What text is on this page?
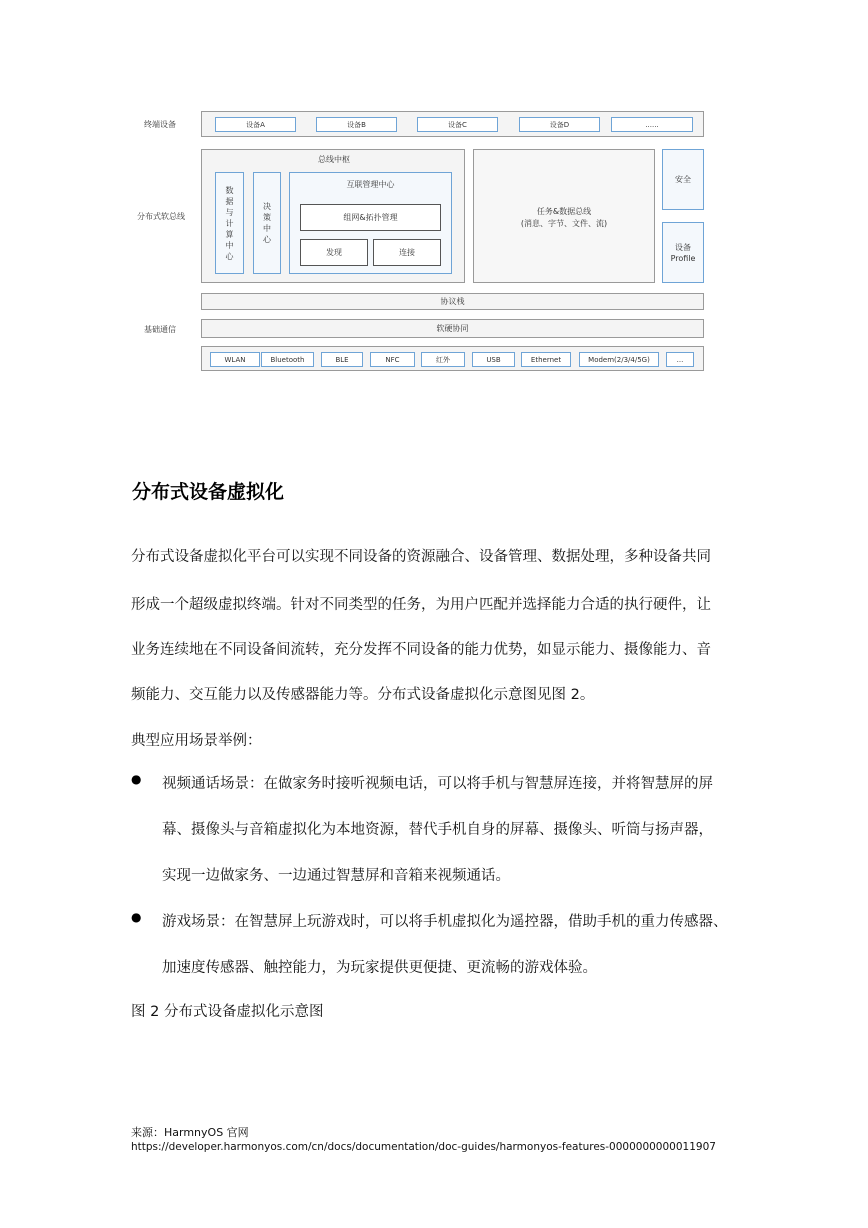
终端设备
分布式软总线
基础通信
设备A	设备B	设备C	设备D	......
总线中枢
数
据
与
计
算
中
心
决
策
中
心
互联管理中心
组网&拓扑管理
发现	连接
任务&数据总线
(消息、字节、文件、流)
安全
设备
Profile
协议栈
软硬协同
WLAN	Bluetooth	BLE	NFC	红外	USB	Ethernet	Modem(2/3/4/5G)	...
分布式设备虚拟化
分布式设备虚拟化平台可以实现不同设备的资源融合、设备管理、数据处理，多种设备共同
形成一个超级虚拟终端。针对不同类型的任务，为用户匹配并选择能力合适的执行硬件，让
业务连续地在不同设备间流转，充分发挥不同设备的能力优势，如显示能力、摄像能力、音
频能力、交互能力以及传感器能力等。分布式设备虚拟化示意图见图 2。
典型应用场景举例：
● 视频通话场景：在做家务时接听视频电话，可以将手机与智慧屏连接，并将智慧屏的屏
幕、摄像头与音箱虚拟化为本地资源，替代手机自身的屏幕、摄像头、听筒与扬声器，
实现一边做家务、一边通过智慧屏和音箱来视频通话。
● 游戏场景：在智慧屏上玩游戏时，可以将手机虚拟化为遥控器，借助手机的重力传感器、
加速度传感器、触控能力，为玩家提供更便捷、更流畅的游戏体验。
图 2 分布式设备虚拟化示意图
来源：HarmnyOS 官网
https://developer.harmonyos.com/cn/docs/documentation/doc-guides/harmonyos-features-0000000000011907
